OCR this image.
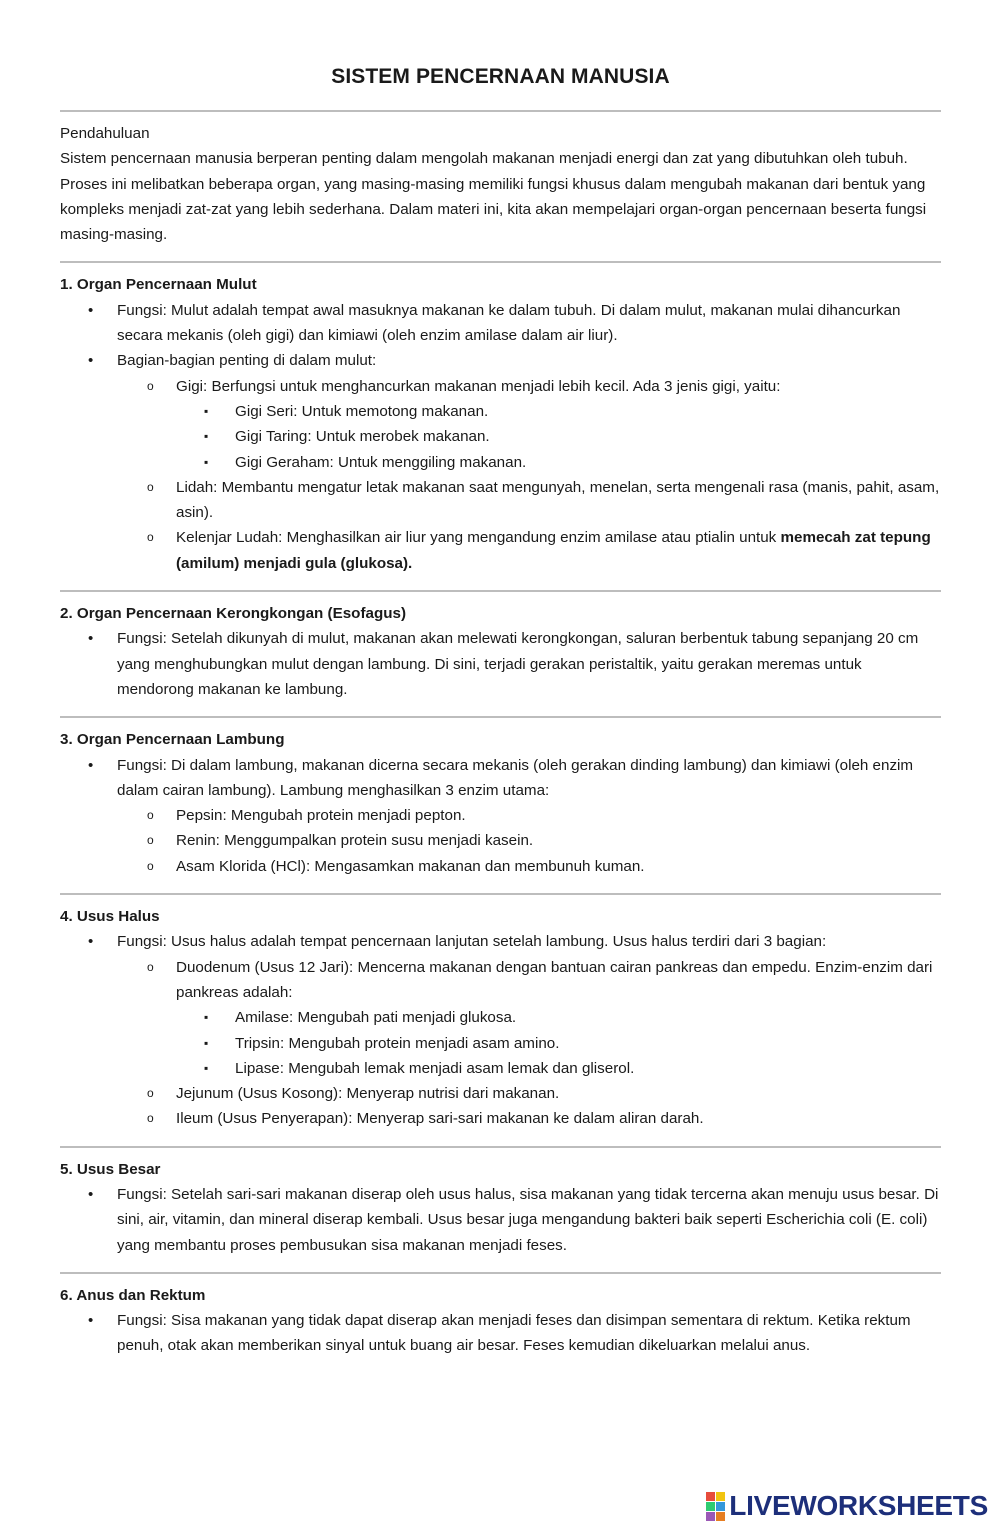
SISTEM PENCERNAAN MANUSIA
Pendahuluan
Sistem pencernaan manusia berperan penting dalam mengolah makanan menjadi energi dan zat yang dibutuhkan oleh tubuh. Proses ini melibatkan beberapa organ, yang masing-masing memiliki fungsi khusus dalam mengubah makanan dari bentuk yang kompleks menjadi zat-zat yang lebih sederhana. Dalam materi ini, kita akan mempelajari organ-organ pencernaan beserta fungsi masing-masing.
1. Organ Pencernaan Mulut
• Fungsi: Mulut adalah tempat awal masuknya makanan ke dalam tubuh. Di dalam mulut, makanan mulai dihancurkan secara mekanis (oleh gigi) dan kimiawi (oleh enzim amilase dalam air liur).
• Bagian-bagian penting di dalam mulut:
o Gigi: Berfungsi untuk menghancurkan makanan menjadi lebih kecil. Ada 3 jenis gigi, yaitu:
▪ Gigi Seri: Untuk memotong makanan.
▪ Gigi Taring: Untuk merobek makanan.
▪ Gigi Geraham: Untuk menggiling makanan.
o Lidah: Membantu mengatur letak makanan saat mengunyah, menelan, serta mengenali rasa (manis, pahit, asam, asin).
o Kelenjar Ludah: Menghasilkan air liur yang mengandung enzim amilase atau ptialin untuk memecah zat tepung (amilum) menjadi gula (glukosa).
2. Organ Pencernaan Kerongkongan (Esofagus)
• Fungsi: Setelah dikunyah di mulut, makanan akan melewati kerongkongan, saluran berbentuk tabung sepanjang 20 cm yang menghubungkan mulut dengan lambung. Di sini, terjadi gerakan peristaltik, yaitu gerakan meremas untuk mendorong makanan ke lambung.
3. Organ Pencernaan Lambung
• Fungsi: Di dalam lambung, makanan dicerna secara mekanis (oleh gerakan dinding lambung) dan kimiawi (oleh enzim dalam cairan lambung). Lambung menghasilkan 3 enzim utama:
o Pepsin: Mengubah protein menjadi pepton.
o Renin: Menggumpalkan protein susu menjadi kasein.
o Asam Klorida (HCl): Mengasamkan makanan dan membunuh kuman.
4. Usus Halus
• Fungsi: Usus halus adalah tempat pencernaan lanjutan setelah lambung. Usus halus terdiri dari 3 bagian:
o Duodenum (Usus 12 Jari): Mencerna makanan dengan bantuan cairan pankreas dan empedu. Enzim-enzim dari pankreas adalah:
▪ Amilase: Mengubah pati menjadi glukosa.
▪ Tripsin: Mengubah protein menjadi asam amino.
▪ Lipase: Mengubah lemak menjadi asam lemak dan gliserol.
o Jejunum (Usus Kosong): Menyerap nutrisi dari makanan.
o Ileum (Usus Penyerapan): Menyerap sari-sari makanan ke dalam aliran darah.
5. Usus Besar
• Fungsi: Setelah sari-sari makanan diserap oleh usus halus, sisa makanan yang tidak tercerna akan menuju usus besar. Di sini, air, vitamin, dan mineral diserap kembali. Usus besar juga mengandung bakteri baik seperti Escherichia coli (E. coli) yang membantu proses pembusukan sisa makanan menjadi feses.
6. Anus dan Rektum
• Fungsi: Sisa makanan yang tidak dapat diserap akan menjadi feses dan disimpan sementara di rektum. Ketika rektum penuh, otak akan memberikan sinyal untuk buang air besar. Feses kemudian dikeluarkan melalui anus.
LIVEWORKSHEETS
